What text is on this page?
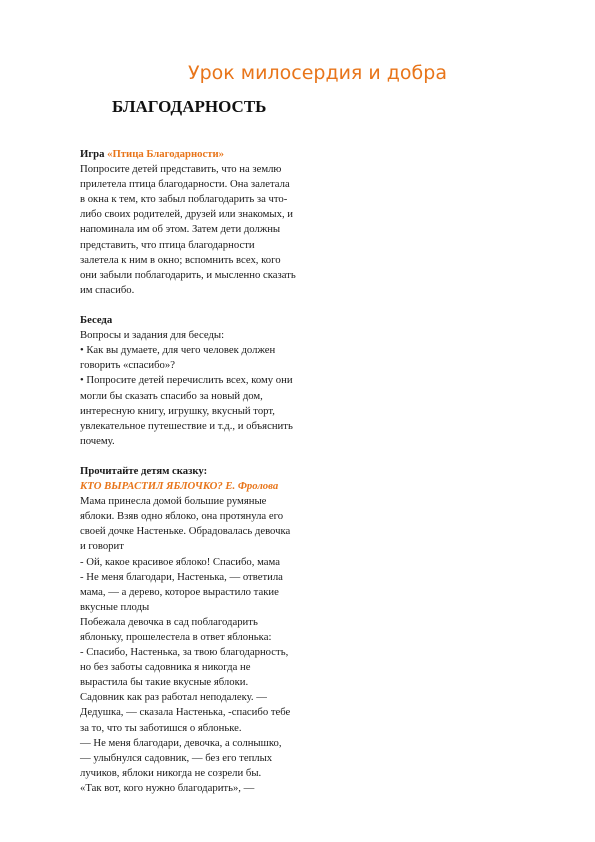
Урок милосердия и добра
БЛАГОДАРНОСТЬ
Игра «Птица Благодарности»
Попросите детей представить, что на землю
прилетела птица благодарности. Она залетала
в окна к тем, кто забыл поблагодарить за что-
либо своих родителей, друзей или знакомых, и
напоминала им об этом. Затем дети должны
представить, что птица благодарности
залетела к ним в окно; вспомнить всех, кого
они забыли поблагодарить, и мысленно сказать
им спасибо.
Беседа
Вопросы и задания для беседы:
• Как вы думаете, для чего человек должен
говорить «спасибо»?
• Попросите детей перечислить всех, кому они
могли бы сказать спасибо за новый дом,
интересную книгу, игрушку, вкусный торт,
увлекательное путешествие и т.д., и объяснить
почему.
Прочитайте детям сказку:
КТО ВЫРАСТИЛ ЯБЛОЧКО? Е. Фролова
Мама принесла домой большие румяные
яблоки. Взяв одно яблоко, она протянула его
своей дочке Настеньке. Обрадовалась девочка
и говорит
- Ой, какое красивое яблоко! Спасибо, мама
- Не меня благодари, Настенька, — ответила
мама, — а дерево, которое вырастило такие
вкусные плоды
Побежала девочка в сад поблагодарить
яблоньку, прошелестела в ответ яблонька:
- Спасибо, Настенька, за твою благодарность,
но без заботы садовника я никогда не
вырастила бы такие вкусные яблоки.
Садовник как раз работал неподалеку. —
Дедушка, — сказала Настенька, -спасибо тебе
за то, что ты заботишся о яблоньке.
— Не меня благодари, девочка, а солнышко,
— улыбнулся садовник, — без его теплых
лучиков, яблоки никогда не созрели бы.
«Так вот, кого нужно благодарить», —
